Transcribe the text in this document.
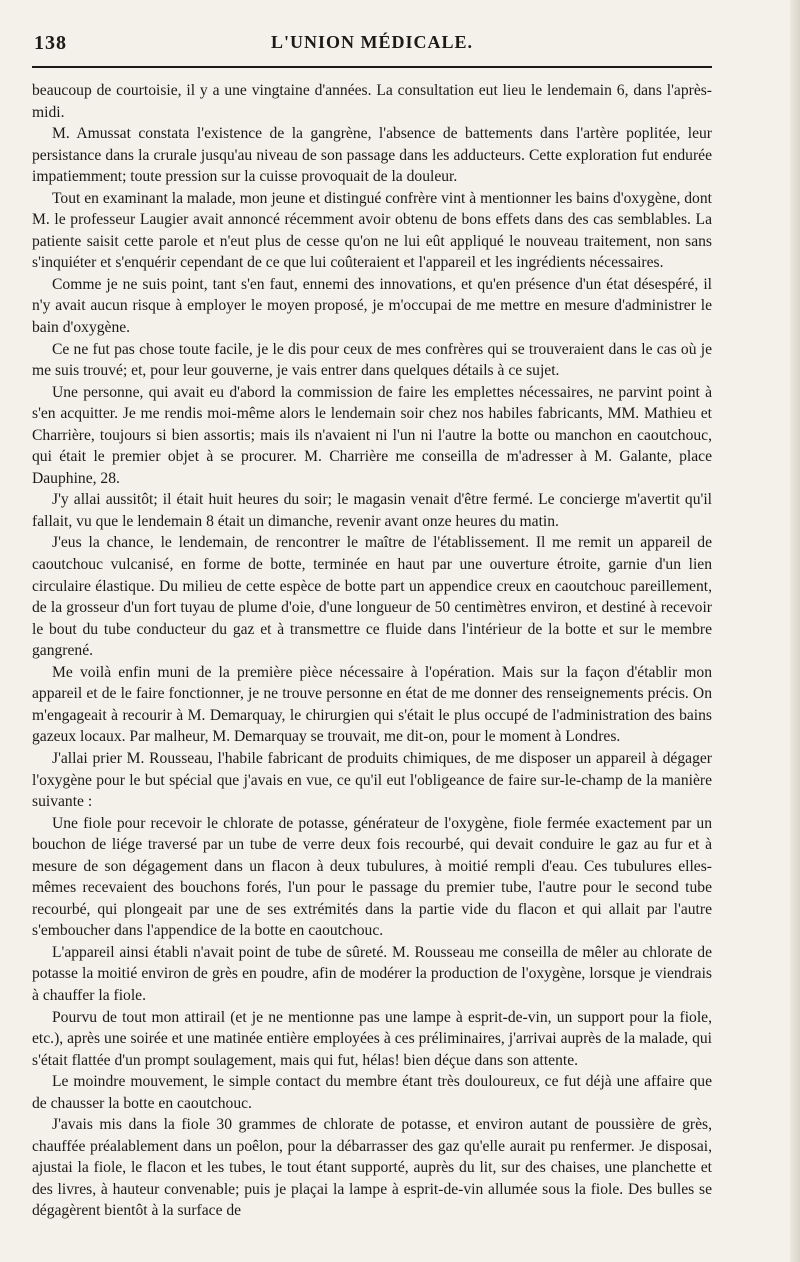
138	L'UNION MÉDICALE.

beaucoup de courtoisie, il y a une vingtaine d'années. La consultation eut lieu le lendemain 6, dans l'après-midi.

M. Amussat constata l'existence de la gangrène, l'absence de battements dans l'artère poplitée, leur persistance dans la crurale jusqu'au niveau de son passage dans les adducteurs. Cette exploration fut endurée impatiemment; toute pression sur la cuisse provoquait de la douleur.

Tout en examinant la malade, mon jeune et distingué confrère vint à mentionner les bains d'oxygène, dont M. le professeur Laugier avait annoncé récemment avoir obtenu de bons effets dans des cas semblables. La patiente saisit cette parole et n'eut plus de cesse qu'on ne lui eût appliqué le nouveau traitement, non sans s'inquiéter et s'enquérir cependant de ce que lui coûteraient et l'appareil et les ingrédients nécessaires.

Comme je ne suis point, tant s'en faut, ennemi des innovations, et qu'en présence d'un état désespéré, il n'y avait aucun risque à employer le moyen proposé, je m'occupai de me mettre en mesure d'administrer le bain d'oxygène.

Ce ne fut pas chose toute facile, je le dis pour ceux de mes confrères qui se trouveraient dans le cas où je me suis trouvé; et, pour leur gouverne, je vais entrer dans quelques détails à ce sujet.

Une personne, qui avait eu d'abord la commission de faire les emplettes nécessaires, ne parvint point à s'en acquitter. Je me rendis moi-même alors le lendemain soir chez nos habiles fabricants, MM. Mathieu et Charrière, toujours si bien assortis; mais ils n'avaient ni l'un ni l'autre la botte ou manchon en caoutchouc, qui était le premier objet à se procurer. M. Charrière me conseilla de m'adresser à M. Galante, place Dauphine, 28.

J'y allai aussitôt; il était huit heures du soir; le magasin venait d'être fermé. Le concierge m'avertit qu'il fallait, vu que le lendemain 8 était un dimanche, revenir avant onze heures du matin.

J'eus la chance, le lendemain, de rencontrer le maître de l'établissement. Il me remit un appareil de caoutchouc vulcanisé, en forme de botte, terminée en haut par une ouverture étroite, garnie d'un lien circulaire élastique. Du milieu de cette espèce de botte part un appendice creux en caoutchouc pareillement, de la grosseur d'un fort tuyau de plume d'oie, d'une longueur de 50 centimètres environ, et destiné à recevoir le bout du tube conducteur du gaz et à transmettre ce fluide dans l'intérieur de la botte et sur le membre gangrené.

Me voilà enfin muni de la première pièce nécessaire à l'opération. Mais sur la façon d'établir mon appareil et de le faire fonctionner, je ne trouve personne en état de me donner des renseignements précis. On m'engageait à recourir à M. Demarquay, le chirurgien qui s'était le plus occupé de l'administration des bains gazeux locaux. Par malheur, M. Demarquay se trouvait, me dit-on, pour le moment à Londres.

J'allai prier M. Rousseau, l'habile fabricant de produits chimiques, de me disposer un appareil à dégager l'oxygène pour le but spécial que j'avais en vue, ce qu'il eut l'obligeance de faire sur-le-champ de la manière suivante :

Une fiole pour recevoir le chlorate de potasse, générateur de l'oxygène, fiole fermée exactement par un bouchon de liége traversé par un tube de verre deux fois recourbé, qui devait conduire le gaz au fur et à mesure de son dégagement dans un flacon à deux tubulures, à moitié rempli d'eau. Ces tubulures elles-mêmes recevaient des bouchons forés, l'un pour le passage du premier tube, l'autre pour le second tube recourbé, qui plongeait par une de ses extrémités dans la partie vide du flacon et qui allait par l'autre s'emboucher dans l'appendice de la botte en caoutchouc.

L'appareil ainsi établi n'avait point de tube de sûreté. M. Rousseau me conseilla de mêler au chlorate de potasse la moitié environ de grès en poudre, afin de modérer la production de l'oxygène, lorsque je viendrais à chauffer la fiole.

Pourvu de tout mon attirail (et je ne mentionne pas une lampe à esprit-de-vin, un support pour la fiole, etc.), après une soirée et une matinée entière employées à ces préliminaires, j'arrivai auprès de la malade, qui s'était flattée d'un prompt soulagement, mais qui fut, hélas! bien déçue dans son attente.

Le moindre mouvement, le simple contact du membre étant très douloureux, ce fut déjà une affaire que de chausser la botte en caoutchouc.

J'avais mis dans la fiole 30 grammes de chlorate de potasse, et environ autant de poussière de grès, chauffée préalablement dans un poêlon, pour la débarrasser des gaz qu'elle aurait pu renfermer. Je disposai, ajustai la fiole, le flacon et les tubes, le tout étant supporté, auprès du lit, sur des chaises, une planchette et des livres, à hauteur convenable; puis je plaçai la lampe à esprit-de-vin allumée sous la fiole. Des bulles se dégagèrent bientôt à la surface de
